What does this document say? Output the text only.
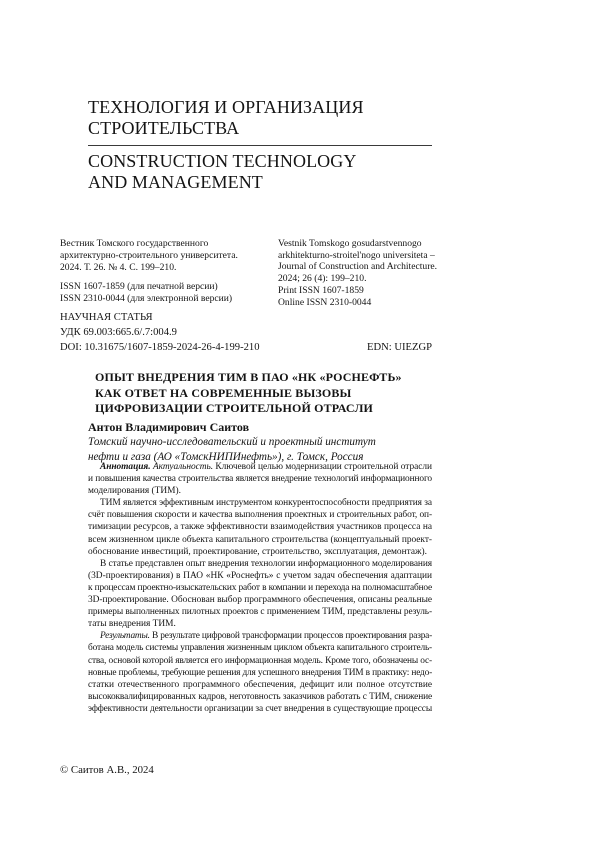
ТЕХНОЛОГИЯ И ОРГАНИЗАЦИЯ
СТРОИТЕЛЬСТВА
CONSTRUCTION TECHNOLOGY
AND MANAGEMENT
Вестник Томского государственного
архитектурно-строительного университета.
2024. Т. 26. № 4. С. 199–210.
ISSN 1607-1859 (для печатной версии)
ISSN 2310-0044 (для электронной версии)
Vestnik Tomskogo gosudarstvennogo
arkhitekturno-stroitel'nogo universiteta –
Journal of Construction and Architecture.
2024; 26 (4): 199–210.
Print ISSN 1607-1859
Online ISSN 2310-0044
НАУЧНАЯ СТАТЬЯ
УДК 69.003:665.6/.7:004.9
DOI: 10.31675/1607-1859-2024-26-4-199-210	EDN: UIEZGP
ОПЫТ ВНЕДРЕНИЯ ТИМ В ПАО «НК «РОСНЕФТЬ»
КАК ОТВЕТ НА СОВРЕМЕННЫЕ ВЫЗОВЫ
ЦИФРОВИЗАЦИИ СТРОИТЕЛЬНОЙ ОТРАСЛИ
Антон Владимирович Саитов
Томский научно-исследовательский и проектный институт
нефти и газа (АО «ТомскНИПИнефть»), г. Томск, Россия
Аннотация. Актуальность. Ключевой целью модернизации строительной отрасли
и повышения качества строительства является внедрение технологий информационного
моделирования (ТИМ).
ТИМ является эффективным инструментом конкурентоспособности предприятия за
счёт повышения скорости и качества выполнения проектных и строительных работ, оп-
тимизации ресурсов, а также эффективности взаимодействия участников процесса на
всем жизненном цикле объекта капитального строительства (концептуальный проект-
обоснование инвестиций, проектирование, строительство, эксплуатация, демонтаж).
В статье представлен опыт внедрения технологии информационного моделирования
(3D-проектирования) в ПАО «НК «Роснефть» с учетом задач обеспечения адаптации
к процессам проектно-изыскательских работ в компании и перехода на полномасштабное
3D-проектирование. Обоснован выбор программного обеспечения, описаны реальные
примеры выполненных пилотных проектов с применением ТИМ, представлены резуль-
таты внедрения ТИМ.
Результаты. В результате цифровой трансформации процессов проектирования разра-
ботана модель системы управления жизненным циклом объекта капитального строитель-
ства, основой которой является его информационная модель. Кроме того, обозначены ос-
новные проблемы, требующие решения для успешного внедрения ТИМ в практику: недо-
статки отечественного программного обеспечения, дефицит или полное отсутствие
высококвалифицированных кадров, неготовность заказчиков работать с ТИМ, снижение
эффективности деятельности организации за счет внедрения в существующие процессы
© Саитов А.В., 2024
